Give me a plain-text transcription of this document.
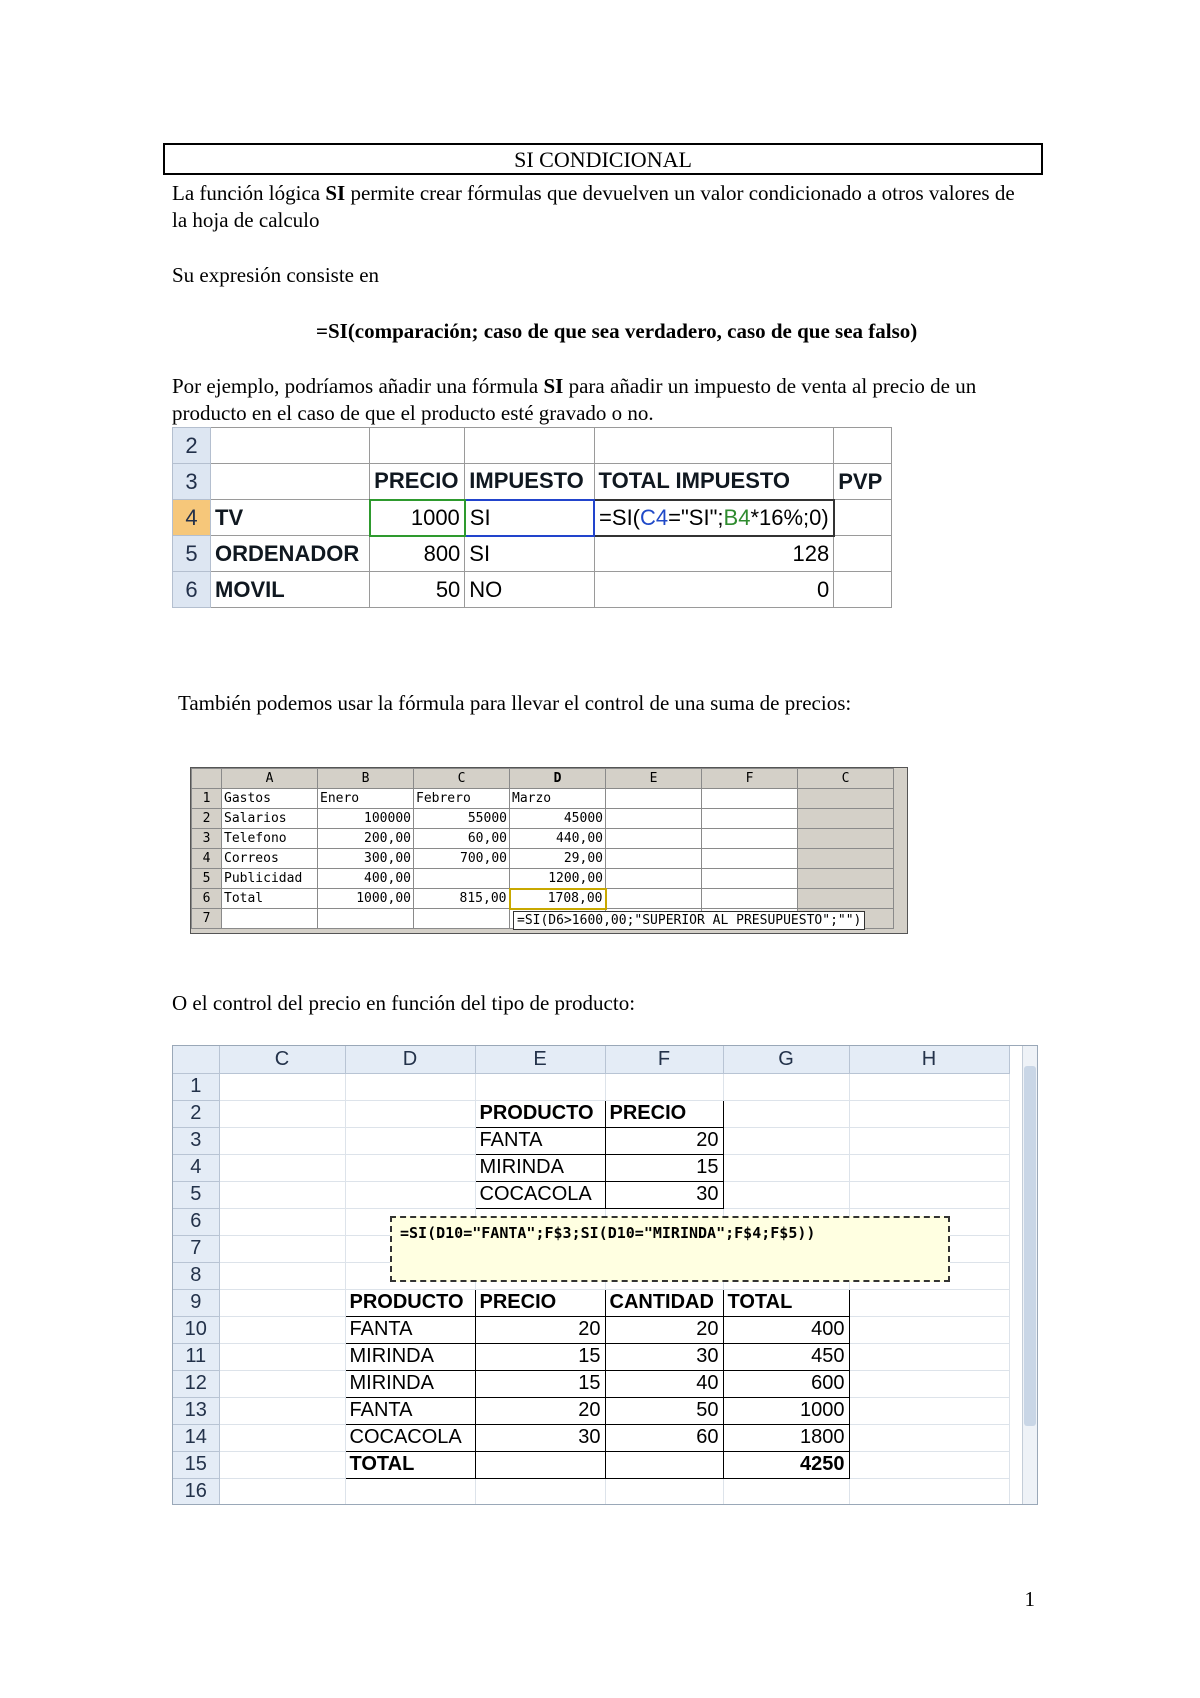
SI CONDICIONAL
La función lógica SI permite crear fórmulas que devuelven un valor condicionado a otros valores de la hoja de calculo
Su expresión consiste en
=SI(comparación; caso de que sea verdadero, caso de que sea falso)
Por ejemplo, podríamos añadir una fórmula SI para añadir un impuesto de venta al precio de un producto en el caso de que el producto esté gravado o no.
2					
3		PRECIO	IMPUESTO	TOTAL IMPUESTO	PVP
4	TV	1000	SI	=SI(C4="SI";B4*16%;0)	
5	ORDENADOR	800	SI	128	
6	MOVIL	50	NO	0	
También podemos usar la fórmula para llevar el control de una suma de precios:
	A	B	C	D	E	F	C
1	Gastos	Enero	Febrero	Marzo			
2	Salarios	100000	55000	45000			
3	Telefono	200,00	60,00	440,00			
4	Correos	300,00	700,00	29,00			
5	Publicidad	400,00		1200,00			
6	Total	1000,00	815,00	1708,00			
7								=SI(D6>1600,00;"SUPERIOR AL PRESUPUESTO";"")
O el control del precio en función del tipo de producto:
	C	D	E	F	G	H
1						
2			PRODUCTO	PRECIO		
3			FANTA	20		
4			MIRINDA	15		
5			COCACOLA	30		
6						
7						
8						
9		PRODUCTO	PRECIO	CANTIDAD	TOTAL	
10		FANTA	20	20	400	
11		MIRINDA	15	30	450	
12		MIRINDA	15	40	600	
13		FANTA	20	50	1000	
14		COCACOLA	30	60	1800	
15		TOTAL			4250	
16						
=SI(D10="FANTA";F$3;SI(D10="MIRINDA";F$4;F$5))
1
